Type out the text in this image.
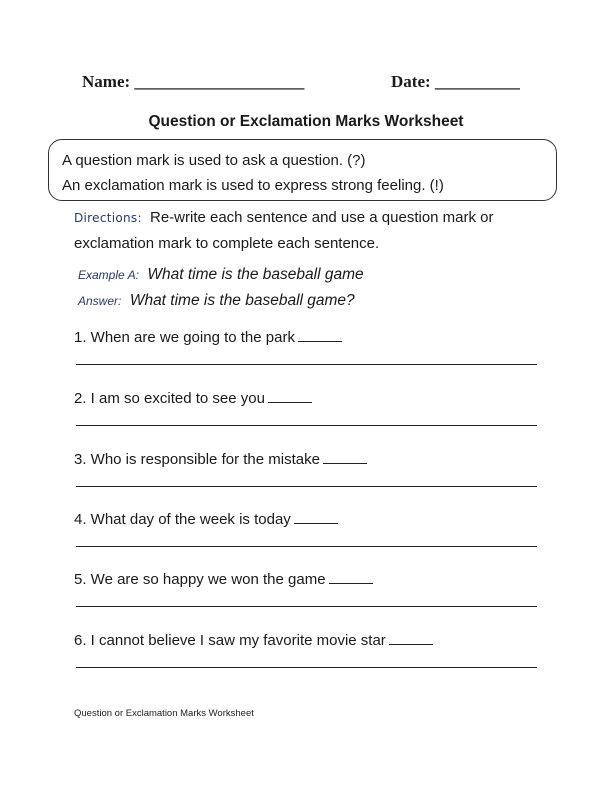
Name: ____________________	Date: __________
Question or Exclamation Marks Worksheet
A question mark is used to ask a question. (?)
An exclamation mark is used to express strong feeling. (!)
Directions: Re-write each sentence and use a question mark or exclamation mark to complete each sentence.
Example A: What time is the baseball game
Answer: What time is the baseball game?
1. When are we going to the park
2. I am so excited to see you
3. Who is responsible for the mistake
4. What day of the week is today
5. We are so happy we won the game
6. I cannot believe I saw my favorite movie star
Question or Exclamation Marks Worksheet
